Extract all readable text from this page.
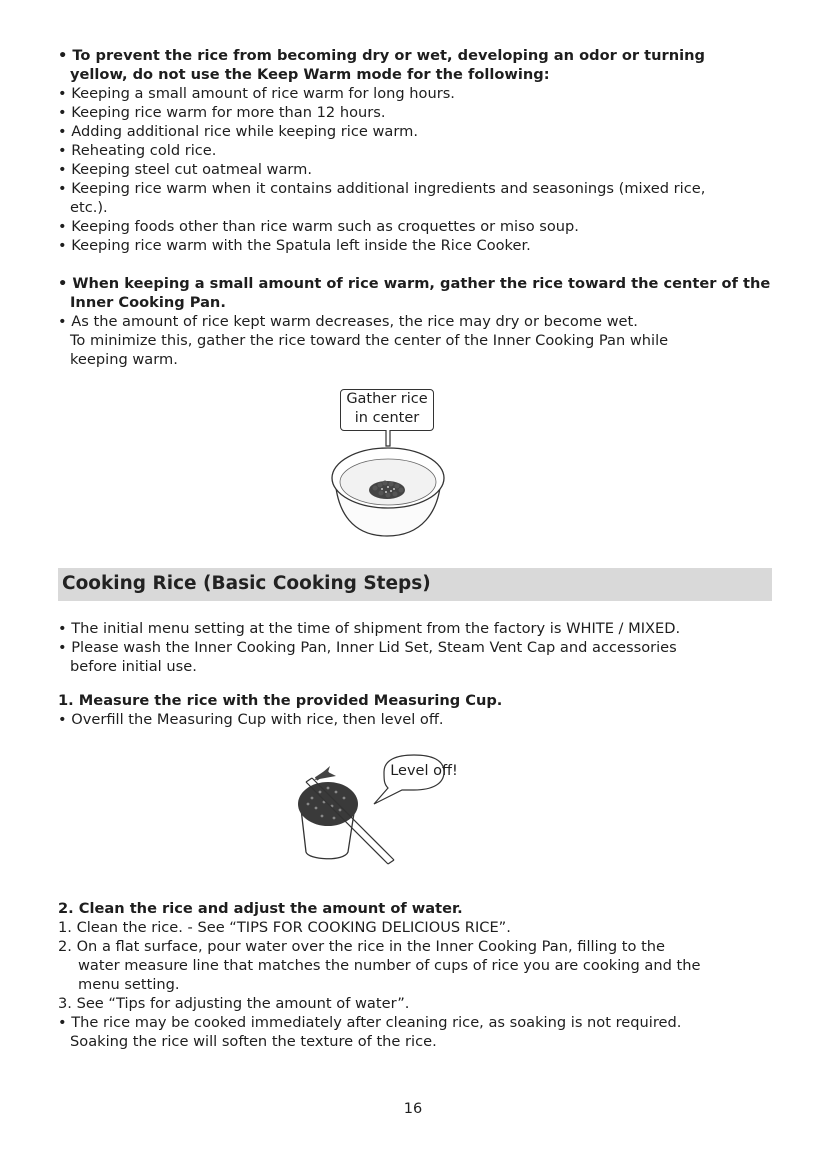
• To prevent the rice from becoming dry or wet, developing an odor or turning
yellow, do not use the Keep Warm mode for the following:
• Keeping a small amount of rice warm for long hours.
• Keeping rice warm for more than 12 hours.
• Adding additional rice while keeping rice warm.
• Reheating cold rice.
• Keeping steel cut oatmeal warm.
• Keeping rice warm when it contains additional ingredients and seasonings (mixed rice,
etc.).
• Keeping foods other than rice warm such as croquettes or miso soup.
• Keeping rice warm with the Spatula left inside the Rice Cooker.
• When keeping a small amount of rice warm, gather the rice toward the center of the
Inner Cooking Pan.
• As the amount of rice kept warm decreases, the rice may dry or become wet.
To minimize this, gather the rice toward the center of the Inner Cooking Pan while
keeping warm.
Gather rice
in center
Cooking Rice (Basic Cooking Steps)
• The initial menu setting at the time of shipment from the factory is WHITE / MIXED.
• Please wash the Inner Cooking Pan, Inner Lid Set, Steam Vent Cap and accessories
before initial use.
1. Measure the rice with the provided Measuring Cup.
• Overfill the Measuring Cup with rice, then level off.
Level off!
2. Clean the rice and adjust the amount of water.
1. Clean the rice. - See “TIPS FOR COOKING DELICIOUS RICE”.
2. On a flat surface, pour water over the rice in the Inner Cooking Pan, filling to the
water measure line that matches the number of cups of rice you are cooking and the
menu setting.
3. See “Tips for adjusting the amount of water”.
• The rice may be cooked immediately after cleaning rice, as soaking is not required.
Soaking the rice will soften the texture of the rice.
16
